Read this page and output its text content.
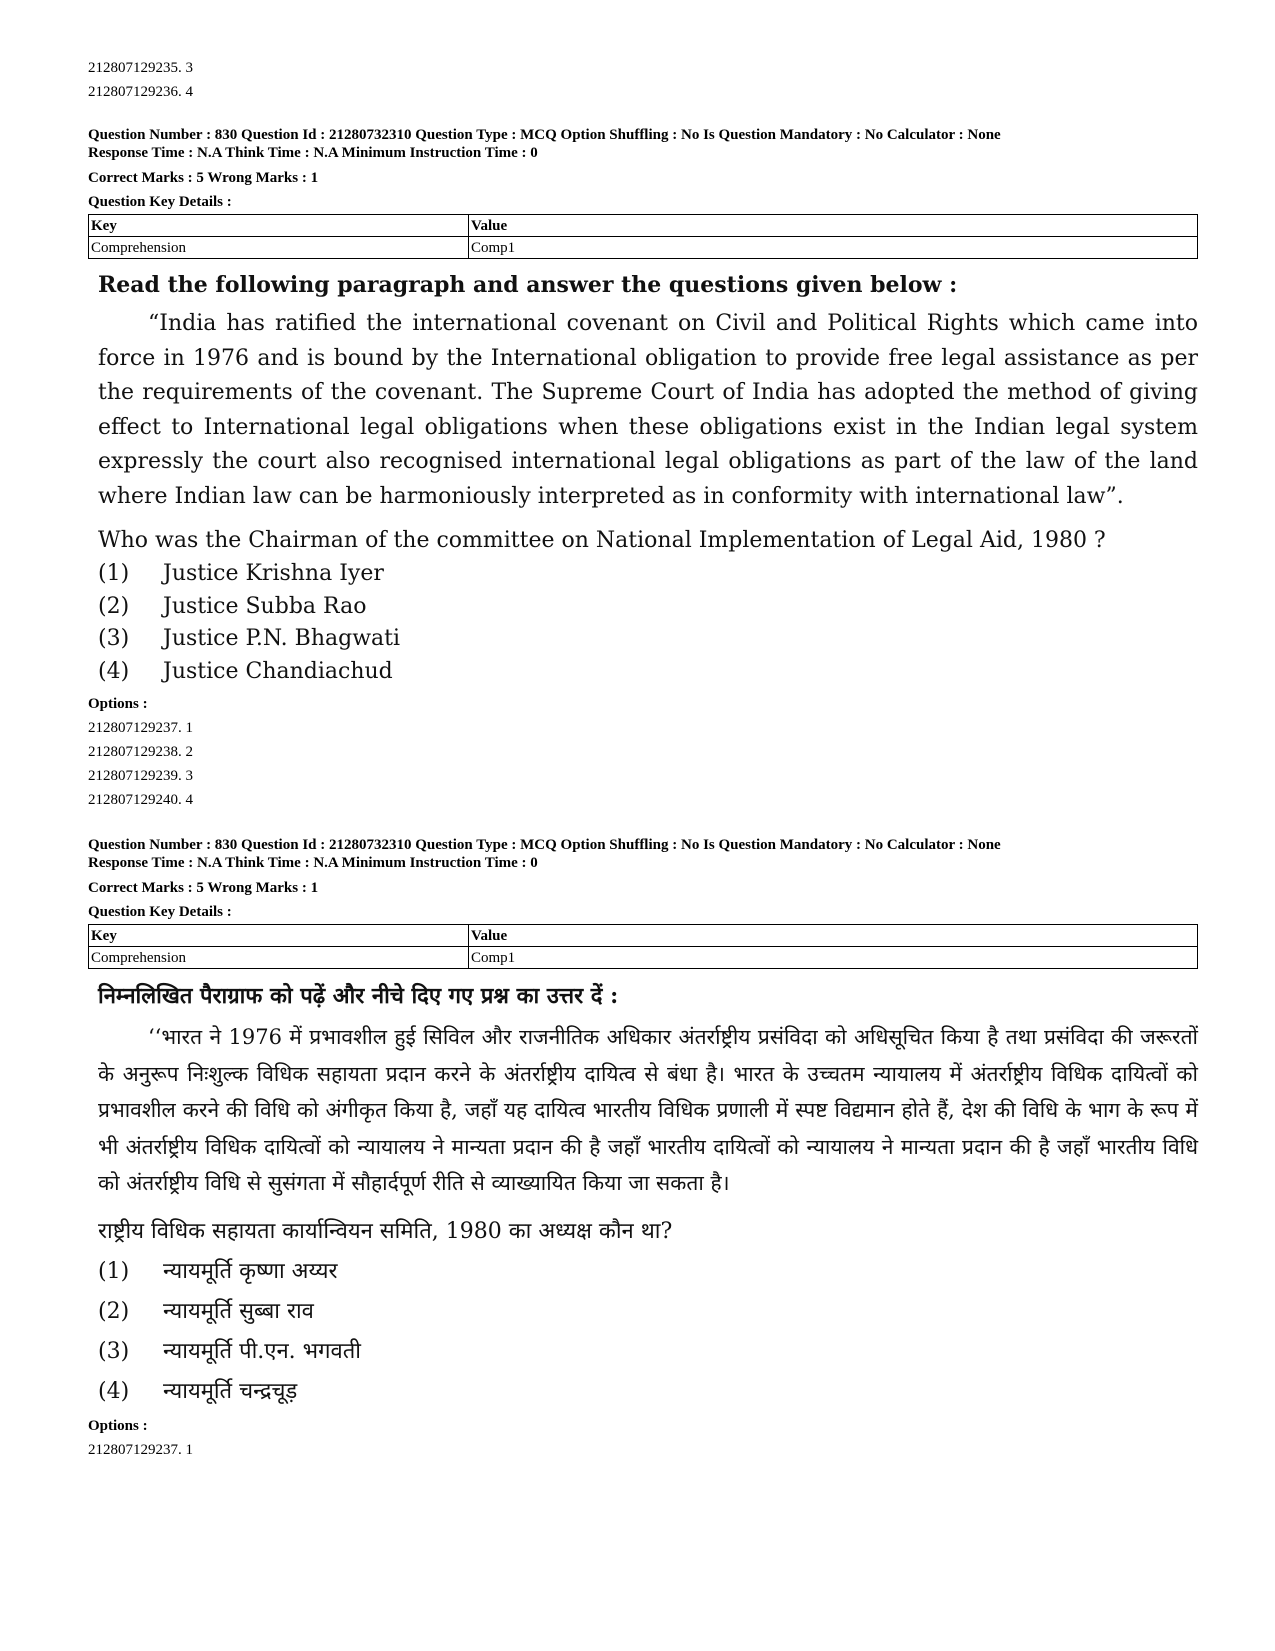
212807129235. 3
212807129236. 4
Question Number : 830 Question Id : 21280732310 Question Type : MCQ Option Shuffling : No Is Question Mandatory : No Calculator : None
Response Time : N.A Think Time : N.A Minimum Instruction Time : 0
Correct Marks : 5 Wrong Marks : 1
Question Key Details :
Key	Value
Comprehension	Comp1
Read the following paragraph and answer the questions given below :
“India has ratified the international covenant on Civil and Political Rights which came into force in 1976 and is bound by the International obligation to provide free legal assistance as per the requirements of the covenant. The Supreme Court of India has adopted the method of giving effect to International legal obligations when these obligations exist in the Indian legal system expressly the court also recognised international legal obligations as part of the law of the land where Indian law can be harmoniously interpreted as in conformity with international law”.
Who was the Chairman of the committee on National Implementation of Legal Aid, 1980 ?
(1)	Justice Krishna Iyer
(2)	Justice Subba Rao
(3)	Justice P.N. Bhagwati
(4)	Justice Chandiachud
Options :
212807129237. 1
212807129238. 2
212807129239. 3
212807129240. 4
Question Number : 830 Question Id : 21280732310 Question Type : MCQ Option Shuffling : No Is Question Mandatory : No Calculator : None
Response Time : N.A Think Time : N.A Minimum Instruction Time : 0
Correct Marks : 5 Wrong Marks : 1
Question Key Details :
Key	Value
Comprehension	Comp1
निम्नलिखित पैराग्राफ को पढ़ें और नीचे दिए गए प्रश्न का उत्तर दें :
‘‘भारत ने 1976 में प्रभावशील हुई सिविल और राजनीतिक अधिकार अंतर्राष्ट्रीय प्रसंविदा को अधिसूचित किया है तथा प्रसंविदा की जरूरतों के अनुरूप निःशुल्क विधिक सहायता प्रदान करने के अंतर्राष्ट्रीय दायित्व से बंधा है। भारत के उच्चतम न्यायालय में अंतर्राष्ट्रीय विधिक दायित्वों को प्रभावशील करने की विधि को अंगीकृत किया है, जहाँ यह दायित्व भारतीय विधिक प्रणाली में स्पष्ट विद्यमान होते हैं, देश की विधि के भाग के रूप में भी अंतर्राष्ट्रीय विधिक दायित्वों को न्यायालय ने मान्यता प्रदान की है जहाँ भारतीय दायित्वों को न्यायालय ने मान्यता प्रदान की है जहाँ भारतीय विधि को अंतर्राष्ट्रीय विधि से सुसंगता में सौहार्दपूर्ण रीति से व्याख्यायित किया जा सकता है।
राष्ट्रीय विधिक सहायता कार्यान्वियन समिति, 1980 का अध्यक्ष कौन था?
(1)	न्यायमूर्ति कृष्णा अय्यर
(2)	न्यायमूर्ति सुब्बा राव
(3)	न्यायमूर्ति पी.एन. भगवती
(4)	न्यायमूर्ति चन्द्रचूड़
Options :
212807129237. 1
